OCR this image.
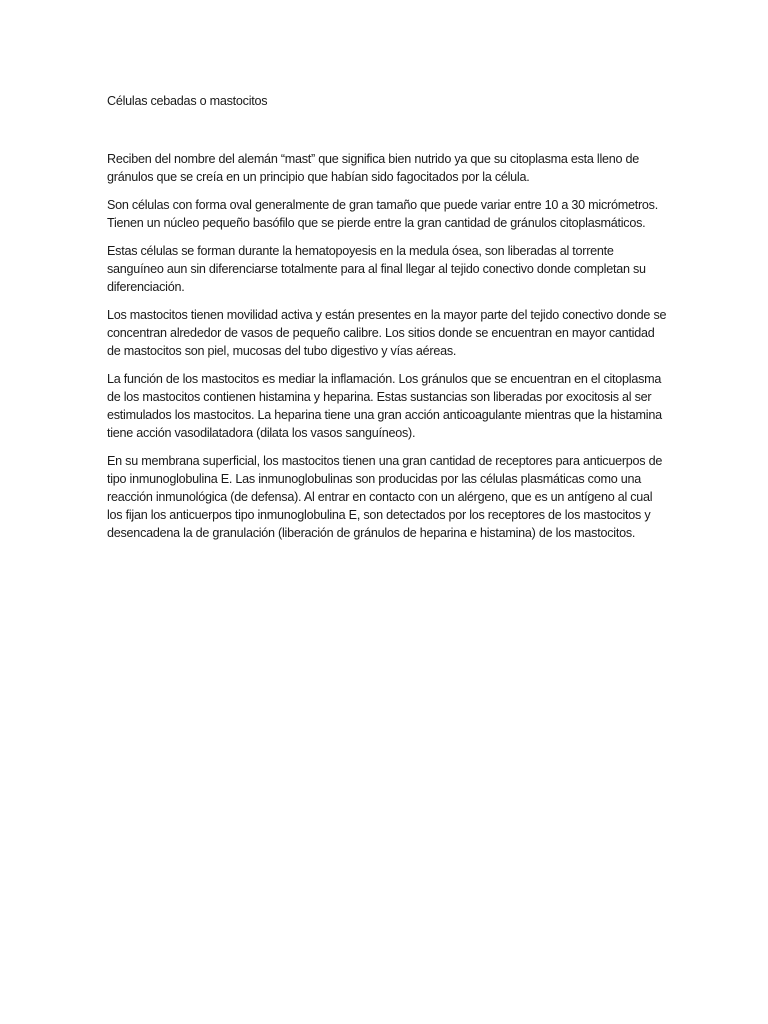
Células cebadas o mastocitos

Reciben del nombre del alemán “mast” que significa bien nutrido ya que su citoplasma esta lleno de gránulos que se creía en un principio que habían sido fagocitados por la célula.

Son células con forma oval generalmente de gran tamaño que puede variar entre 10 a 30 micrómetros. Tienen un núcleo pequeño basófilo que se pierde entre la gran cantidad de gránulos citoplasmáticos.

Estas células se forman durante la hematopoyesis en la medula ósea, son liberadas al torrente sanguíneo aun sin diferenciarse totalmente para al final llegar al tejido conectivo donde completan su diferenciación.

Los mastocitos tienen movilidad activa y están presentes en la mayor parte del tejido conectivo donde se concentran alrededor de vasos de pequeño calibre. Los sitios donde se encuentran en mayor cantidad de mastocitos son piel, mucosas del tubo digestivo y vías aéreas.

La función de los mastocitos es mediar la inflamación. Los gránulos que se encuentran en el citoplasma de los mastocitos contienen histamina y heparina. Estas sustancias son liberadas por exocitosis al ser estimulados los mastocitos. La heparina tiene una gran acción anticoagulante mientras que la histamina tiene acción vasodilatadora (dilata los vasos sanguíneos).

En su membrana superficial, los mastocitos tienen una gran cantidad de receptores para anticuerpos de tipo inmunoglobulina E. Las inmunoglobulinas son producidas por las células plasmáticas como una reacción inmunológica (de defensa). Al entrar en contacto con un alérgeno, que es un antígeno al cual los fijan los anticuerpos tipo inmunoglobulina E, son detectados por los receptores de los mastocitos y desencadena la de granulación (liberación de gránulos de heparina e histamina) de los mastocitos.
